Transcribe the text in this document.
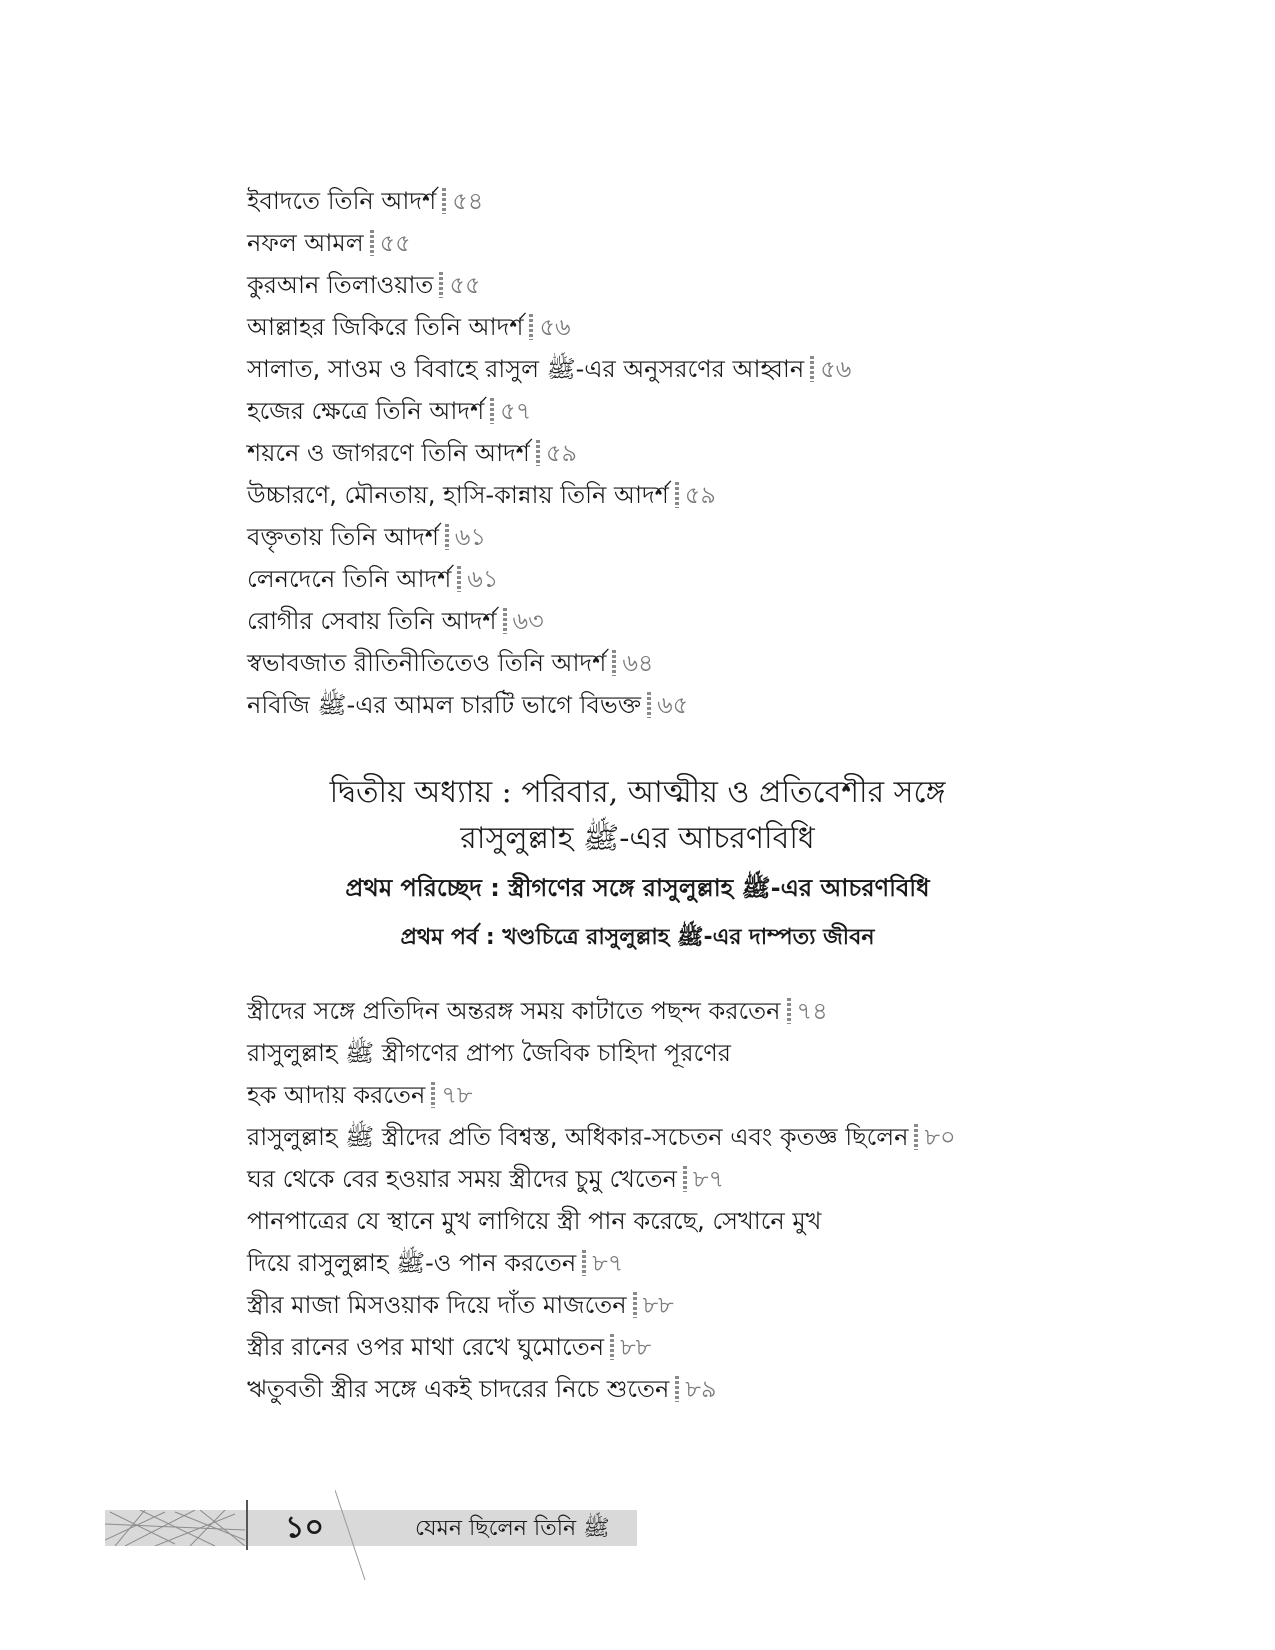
ইবাদতে তিনি আদর্শ ৫৪
নফল আমল ৫৫
কুরআন তিলাওয়াত ৫৫
আল্লাহর জিকিরে তিনি আদর্শ ৫৬
সালাত, সাওম ও বিবাহে রাসুল ﷺ-এর অনুসরণের আহ্বান ৫৬
হজের ক্ষেত্রে তিনি আদর্শ ৫৭
শয়নে ও জাগরণে তিনি আদর্শ ৫৯
উচ্চারণে, মৌনতায়, হাসি-কান্নায় তিনি আদর্শ ৫৯
বক্তৃতায় তিনি আদর্শ ৬১
লেনদেনে তিনি আদর্শ ৬১
রোগীর সেবায় তিনি আদর্শ ৬৩
স্বভাবজাত রীতিনীতিতেও তিনি আদর্শ ৬৪
নবিজি ﷺ-এর আমল চারটি ভাগে বিভক্ত ৬৫
দ্বিতীয় অধ্যায় : পরিবার, আত্মীয় ও প্রতিবেশীর সঙ্গে
রাসুলুল্লাহ ﷺ-এর আচরণবিধি
প্রথম পরিচ্ছেদ : স্ত্রীগণের সঙ্গে রাসুলুল্লাহ ﷺ-এর আচরণবিধি
প্রথম পর্ব : খণ্ডচিত্রে রাসুলুল্লাহ ﷺ-এর দাম্পত্য জীবন
স্ত্রীদের সঙ্গে প্রতিদিন অন্তরঙ্গ সময় কাটাতে পছন্দ করতেন ৭৪
রাসুলুল্লাহ ﷺ স্ত্রীগণের প্রাপ্য জৈবিক চাহিদা পূরণের
হক আদায় করতেন ৭৮
রাসুলুল্লাহ ﷺ স্ত্রীদের প্রতি বিশ্বস্ত, অধিকার-সচেতন এবং কৃতজ্ঞ ছিলেন ৮০
ঘর থেকে বের হওয়ার সময় স্ত্রীদের চুমু খেতেন ৮৭
পানপাত্রের যে স্থানে মুখ লাগিয়ে স্ত্রী পান করেছে, সেখানে মুখ
দিয়ে রাসুলুল্লাহ ﷺ-ও পান করতেন ৮৭
স্ত্রীর মাজা মিসওয়াক দিয়ে দাঁত মাজতেন ৮৮
স্ত্রীর রানের ওপর মাথা রেখে ঘুমোতেন ৮৮
ঋতুবতী স্ত্রীর সঙ্গে একই চাদরের নিচে শুতেন ৮৯
১০	যেমন ছিলেন তিনি ﷺ
